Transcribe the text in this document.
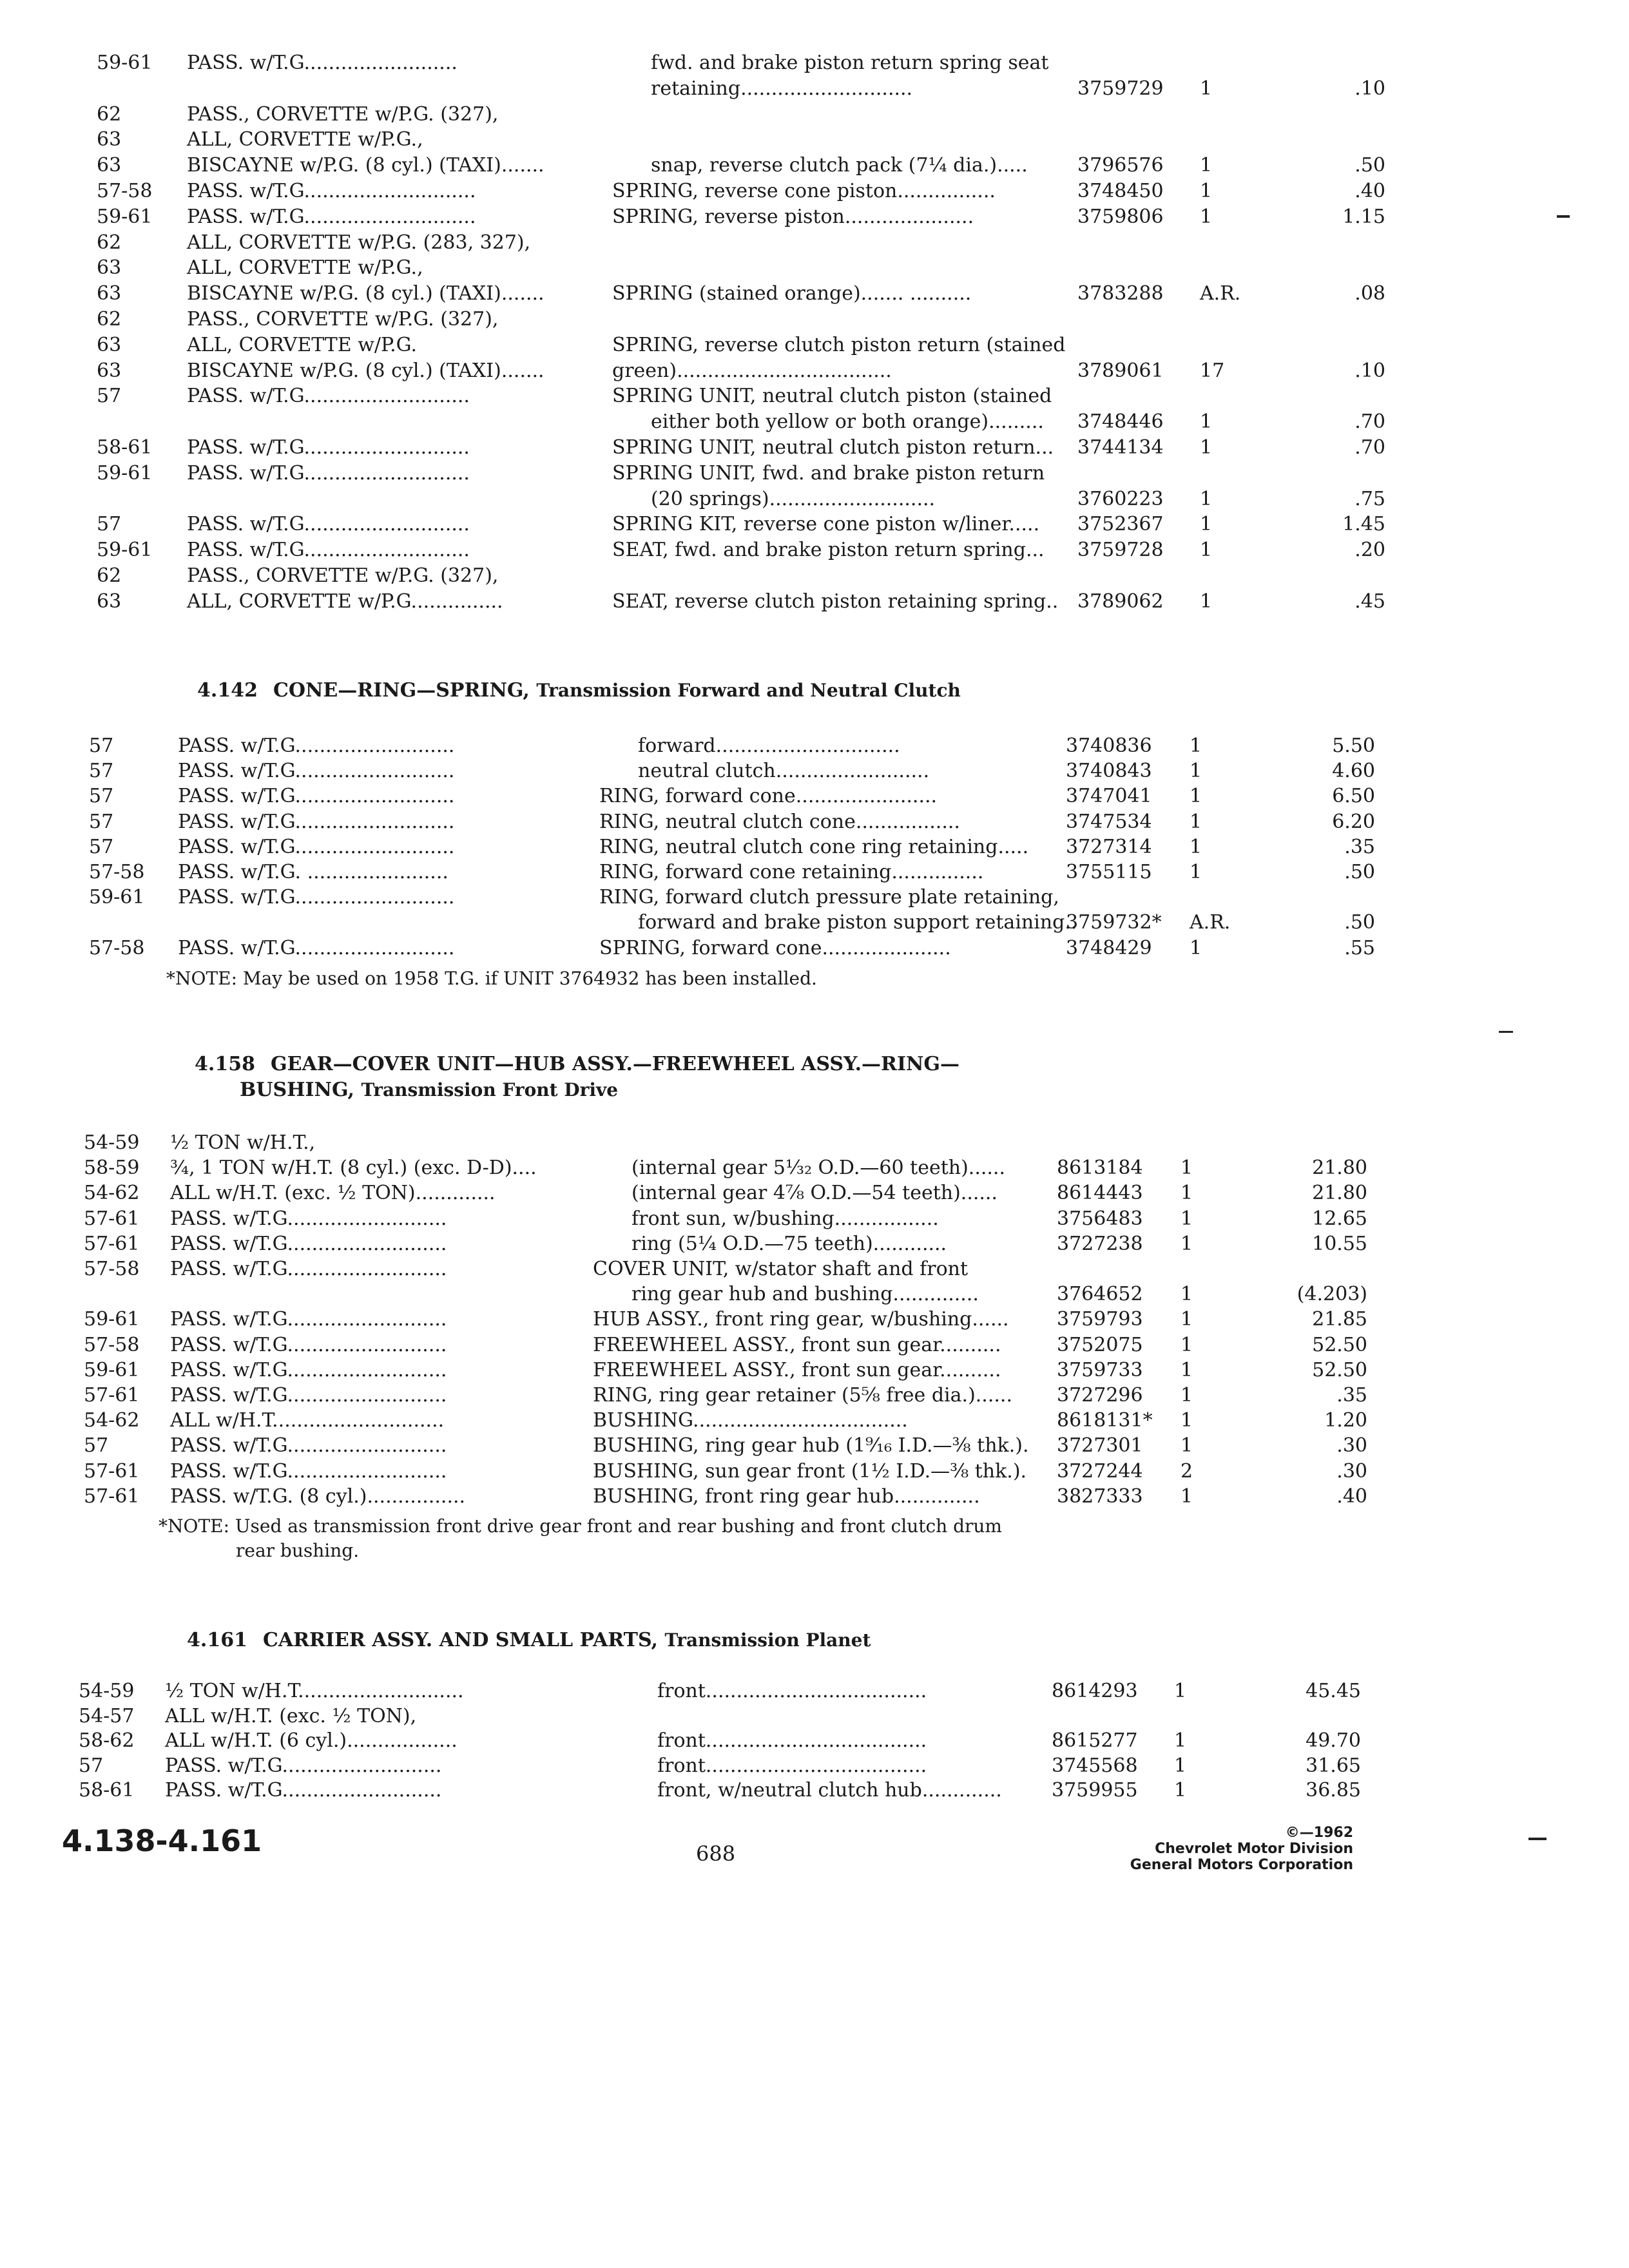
59-61 PASS. w/T.G.........................	fwd. and brake piston return spring seat
retaining............................	3759729 1	.10
62	PASS., CORVETTE w/P.G. (327),
63	ALL, CORVETTE w/P.G.,
63	BISCAYNE w/P.G. (8 cyl.) (TAXI).......	snap, reverse clutch pack (7¼ dia.).....	3796576 1	.50
57-58 PASS. w/T.G............................	SPRING, reverse cone piston................	3748450 1	.40
59-61 PASS. w/T.G............................	SPRING, reverse piston.....................	3759806 1	1.15
62	ALL, CORVETTE w/P.G. (283, 327),
63	ALL, CORVETTE w/P.G.,
63	BISCAYNE w/P.G. (8 cyl.) (TAXI).......	SPRING (stained orange)....... ..........	3783288 A.R.	.08
62	PASS., CORVETTE w/P.G. (327),
63	ALL, CORVETTE w/P.G.	SPRING, reverse clutch piston return (stained
63	BISCAYNE w/P.G. (8 cyl.) (TAXI).......	green)...................................	3789061 17	.10
57	PASS. w/T.G...........................	SPRING UNIT, neutral clutch piston (stained
either both yellow or both orange)......... 3748446 1	.70
58-61 PASS. w/T.G...........................	SPRING UNIT, neutral clutch piston return... 3744134 1	.70
59-61 PASS. w/T.G...........................	SPRING UNIT, fwd. and brake piston return
(20 springs)...........................	3760223 1	.75
57	PASS. w/T.G...........................	SPRING KIT, reverse cone piston w/liner..... 3752367 1	1.45
59-61 PASS. w/T.G...........................	SEAT, fwd. and brake piston return spring... 3759728 1	.20
62	PASS., CORVETTE w/P.G. (327),
63	ALL, CORVETTE w/P.G...............	SEAT, reverse clutch piston retaining spring.. 3789062 1	.45
4.142 CONE—RING—SPRING, Transmission Forward and Neutral Clutch
57	PASS. w/T.G..........................	forward..............................	3740836 1	5.50
57	PASS. w/T.G..........................	neutral clutch.........................	3740843 1	4.60
57	PASS. w/T.G..........................	RING, forward cone.......................	3747041 1	6.50
57	PASS. w/T.G..........................	RING, neutral clutch cone.................	3747534 1	6.20
57	PASS. w/T.G..........................	RING, neutral clutch cone ring retaining..... 3727314 1	.35
57-58 PASS. w/T.G. .......................	RING, forward cone retaining...............	3755115 1	.50
59-61 PASS. w/T.G..........................	RING, forward clutch pressure plate retaining,
forward and brake piston support retaining..
3759732* A.R.	.50
57-58 PASS. w/T.G..........................	SPRING, forward cone.....................	3748429 1	.55
*NOTE: May be used on 1958 T.G. if UNIT 3764932 has been installed.
4.158 GEAR—COVER UNIT—HUB ASSY.—FREEWHEEL ASSY.—RING—
BUSHING, Transmission Front Drive
54-59 ½ TON w/H.T.,
58-59 ¾, 1 TON w/H.T. (8 cyl.) (exc. D-D)....	(internal gear 5¹⁄₃₂ O.D.—60 teeth)......	8613184 1	21.80
54-62 ALL w/H.T. (exc. ½ TON).............	(internal gear 4⅞ O.D.—54 teeth)......	8614443 1	21.80
57-61 PASS. w/T.G..........................	front sun, w/bushing.................	3756483 1	12.65
57-61 PASS. w/T.G..........................	ring (5¼ O.D.—75 teeth)............	3727238 1	10.55
57-58 PASS. w/T.G..........................	COVER UNIT, w/stator shaft and front
ring gear hub and bushing..............	3764652 1	(4.203)
59-61 PASS. w/T.G..........................	HUB ASSY., front ring gear, w/bushing...... 3759793 1	21.85
57-58 PASS. w/T.G..........................	FREEWHEEL ASSY., front sun gear..........	3752075 1	52.50
59-61 PASS. w/T.G..........................	FREEWHEEL ASSY., front sun gear..........	3759733 1	52.50
57-61 PASS. w/T.G..........................	RING, ring gear retainer (5⅝ free dia.)...... 3727296 1	.35
54-62 ALL w/H.T............................	BUSHING...................................	8618131* 1	1.20
57	PASS. w/T.G..........................	BUSHING, ring gear hub (1⁹⁄₁₆ I.D.—⅜ thk.). 3727301 1	.30
57-61 PASS. w/T.G..........................	BUSHING, sun gear front (1½ I.D.—⅜ thk.). 3727244 2	.30
57-61 PASS. w/T.G. (8 cyl.)................	BUSHING, front ring gear hub..............	3827333 1	.40
*NOTE: Used as transmission front drive gear front and rear bushing and front clutch drum
rear bushing.
4.161 CARRIER ASSY. AND SMALL PARTS, Transmission Planet
54-59 ½ TON w/H.T...........................	front....................................	8614293 1	45.45
54-57 ALL w/H.T. (exc. ½ TON),
58-62 ALL w/H.T. (6 cyl.)..................	front....................................	8615277 1	49.70
57	PASS. w/T.G..........................	front....................................	3745568 1	31.65
58-61 PASS. w/T.G..........................	front, w/neutral clutch hub.............	3759955 1	36.85
4.138-4.161	688
©—1962
Chevrolet Motor Division
General Motors Corporation
